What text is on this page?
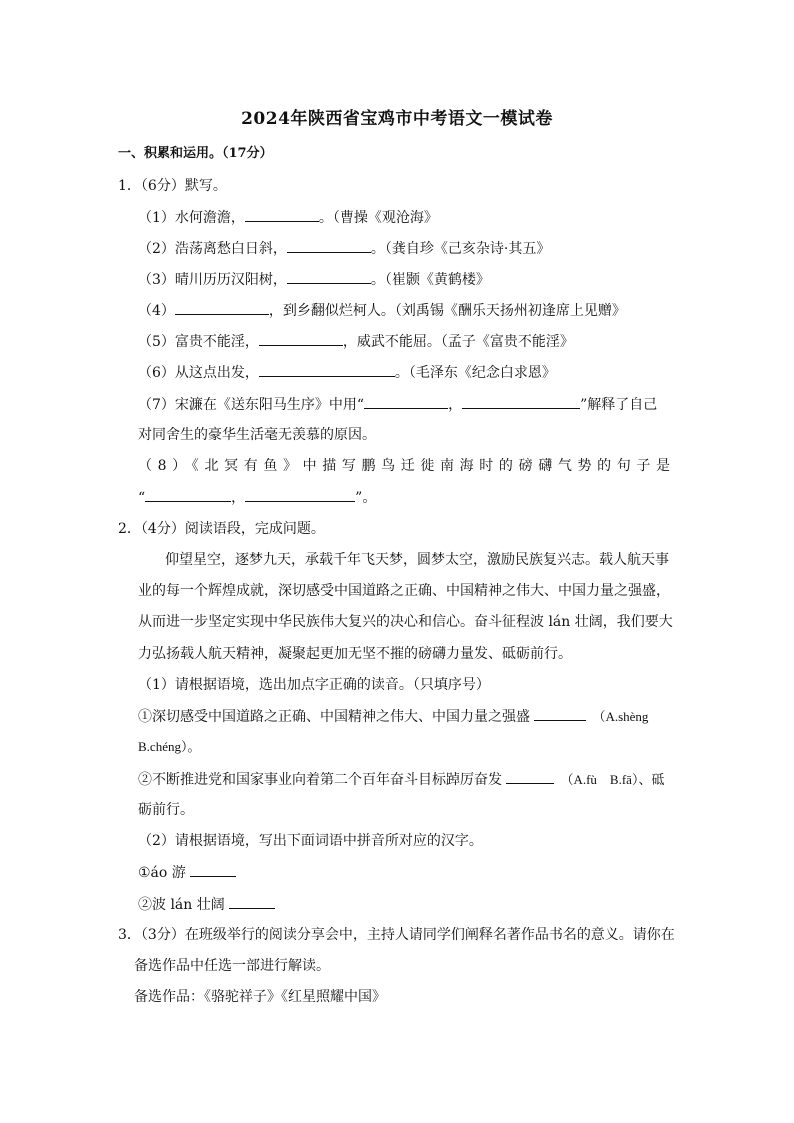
2024年陕西省宝鸡市中考语文一模试卷
一、积累和运用。（17分）
1．（6分）默写。
（1）水何澹澹，	。（曹操《观沧海》
（2）浩荡离愁白日斜，	。（龚自珍《己亥杂诗·其五》
（3）晴川历历汉阳树，	。（崔颢《黄鹤楼》
（4）	，到乡翻似烂柯人。（刘禹锡《酬乐天扬州初逢席上见赠》
（5）富贵不能淫，	，威武不能屈。（孟子《富贵不能淫》
（6）从这点出发，	。（毛泽东《纪念白求恩》
（7）宋濂在《送东阳马生序》中用“	，	”解释了自己
对同舍生的豪华生活毫无羡慕的原因。
（8）《北冥有鱼》中描写鹏鸟迁徙南海时的磅礴气势的句子是
“	，	”。
2．（4分）阅读语段，完成问题。
仰望星空，逐梦九天，承载千年飞天梦，圆梦太空，激励民族复兴志。载人航天事
业的每一个辉煌成就，深切感受中国道路之正确、中国精神之伟大、中国力量之强盛，
从而进一步坚定实现中华民族伟大复兴的决心和信心。奋斗征程波 lán 壮阔，我们要大
力弘扬载人航天精神，凝聚起更加无坚不摧的磅礴力量发、砥砺前行。
（1）请根据语境，选出加点字正确的读音。（只填序号）
①深切感受中国道路之正确、中国精神之伟大、中国力量之强盛	（A.shèng
B.chéng）。
②不断推进党和国家事业向着第二个百年奋斗目标踔厉奋发	（A.fù　B.fā）、砥
砺前行。
（2）请根据语境，写出下面词语中拼音所对应的汉字。
①áo 游
②波 lán 壮阔
3．（3分）在班级举行的阅读分享会中，主持人请同学们阐释名著作品书名的意义。请你在
备选作品中任选一部进行解读。
备选作品：《骆驼祥子》《红星照耀中国》
